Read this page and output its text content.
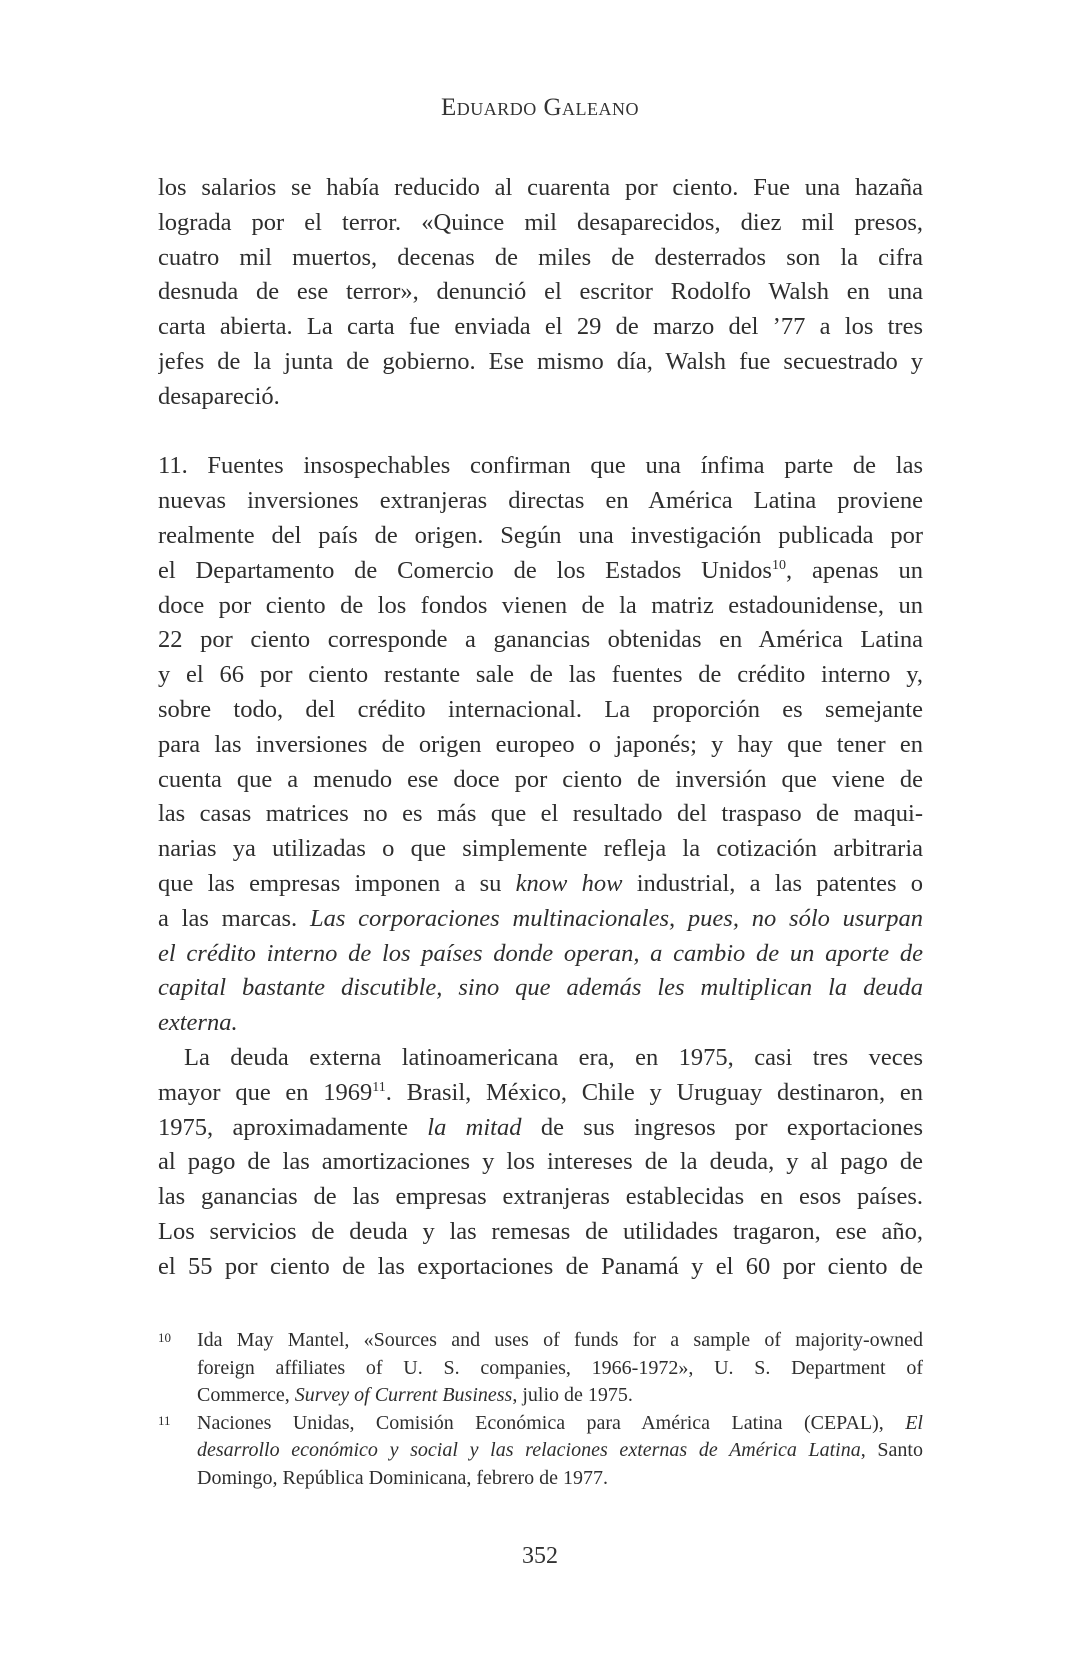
Eduardo Galeano
los salarios se había reducido al cuarenta por ciento. Fue una hazaña
lograda por el terror. «Quince mil desaparecidos, diez mil presos,
cuatro mil muertos, decenas de miles de desterrados son la cifra
desnuda de ese terror», denunció el escritor Rodolfo Walsh en una
carta abierta. La carta fue enviada el 29 de marzo del ’77 a los tres
jefes de la junta de gobierno. Ese mismo día, Walsh fue secuestrado y
desapareció.
11. Fuentes insospechables confirman que una ínfima parte de las
nuevas inversiones extranjeras directas en América Latina proviene
realmente del país de origen. Según una investigación publicada por
el Departamento de Comercio de los Estados Unidos$^{10}$, apenas un
doce por ciento de los fondos vienen de la matriz estadounidense, un
22 por ciento corresponde a ganancias obtenidas en América Latina
y el 66 por ciento restante sale de las fuentes de crédito interno y,
sobre todo, del crédito internacional. La proporción es semejante
para las inversiones de origen europeo o japonés; y hay que tener en
cuenta que a menudo ese doce por ciento de inversión que viene de
las casas matrices no es más que el resultado del traspaso de maqui-
narias ya utilizadas o que simplemente refleja la cotización arbitraria
que las empresas imponen a su know how industrial, a las patentes o
a las marcas. Las corporaciones multinacionales, pues, no sólo usurpan
el crédito interno de los países donde operan, a cambio de un aporte de
capital bastante discutible, sino que además les multiplican la deuda
externa.
La deuda externa latinoamericana era, en 1975, casi tres veces
mayor que en 1969$^{11}$. Brasil, México, Chile y Uruguay destinaron, en
1975, aproximadamente la mitad de sus ingresos por exportaciones
al pago de las amortizaciones y los intereses de la deuda, y al pago de
las ganancias de las empresas extranjeras establecidas en esos países.
Los servicios de deuda y las remesas de utilidades tragaron, ese año,
el 55 por ciento de las exportaciones de Panamá y el 60 por ciento de
10 Ida May Mantel, «Sources and uses of funds for a sample of majority-owned
foreign affiliates of U. S. companies, 1966-1972», U. S. Department of
Commerce, Survey of Current Business, julio de 1975.
11 Naciones Unidas, Comisión Económica para América Latina (CEPAL), El
desarrollo económico y social y las relaciones externas de América Latina, Santo
Domingo, República Dominicana, febrero de 1977.
352
